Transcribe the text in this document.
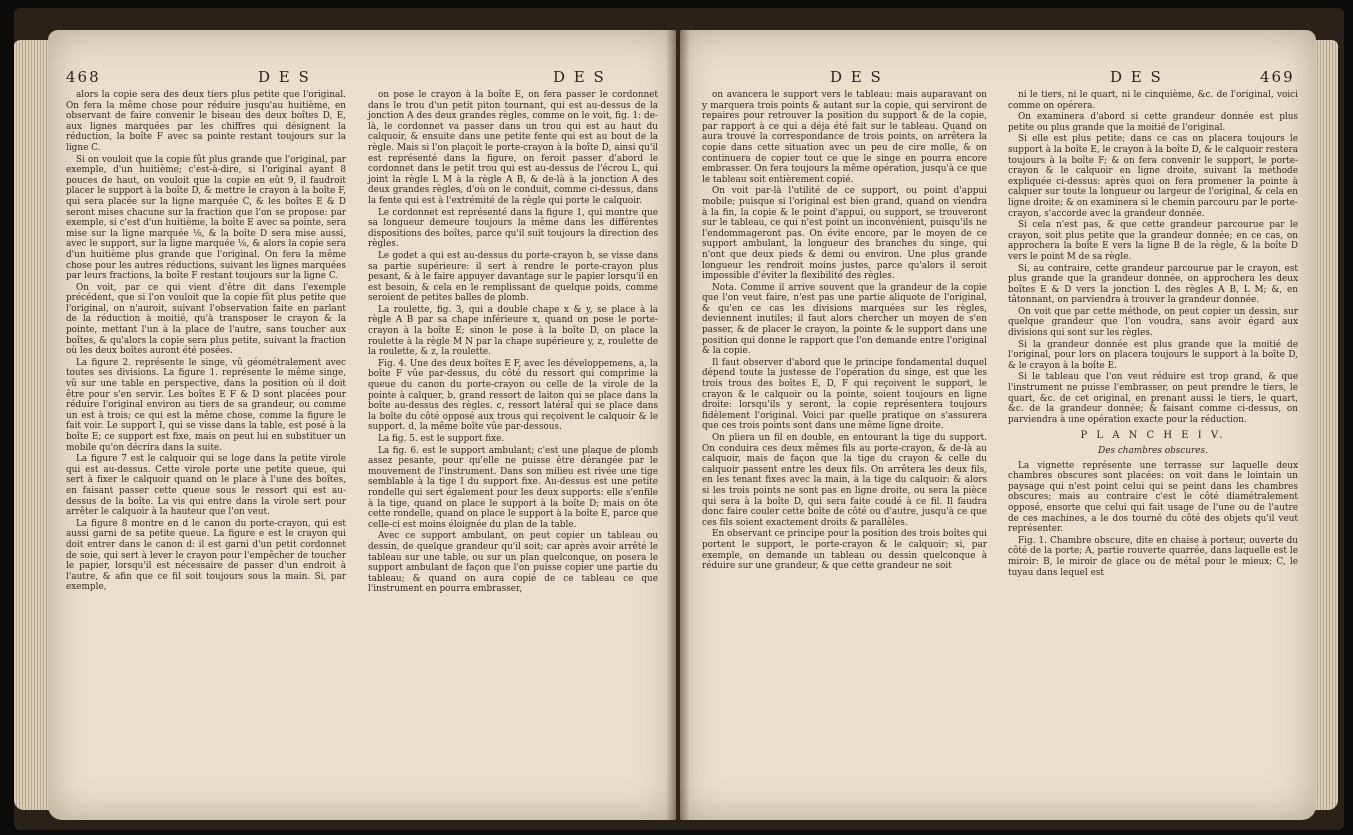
468	D E S	D E S

alors la copie sera des deux tiers plus petite que l'original. On fera la même chose pour réduire jusqu'au huitième, en observant de faire convenir le biseau des deux boîtes D, E, aux lignes marquées par les chiffres qui désignent la réduction, la boîte F avec sa pointe restant toujours sur la ligne C.

Si on vouloit que la copie fût plus grande que l'original, par exemple, d'un huitième; c'est-à-dire, si l'original ayant 8 pouces de haut, on vouloit que la copie en eût 9, il faudroit placer le support à la boîte D, & mettre le crayon à la boîte F, qui sera placée sur la ligne marquée C, & les boîtes E & D seront mises chacune sur la fraction que l'on se propose: par exemple, si c'est d'un huitième, la boîte E avec sa pointe, sera mise sur la ligne marquée ⅛, & la boîte D sera mise aussi, avec le support, sur la ligne marquée ⅛, & alors la copie sera d'un huitième plus grande que l'original. On fera la même chose pour les autres réductions, suivant les lignes marquées par leurs fractions, la boîte F restant toujours sur la ligne C.

On voit, par ce qui vient d'être dit dans l'exemple précédent, que si l'on vouloit que la copie fût plus petite que l'original, on n'auroit, suivant l'observation faite en parlant de la réduction à moitié, qu'à transposer le crayon & la pointe, mettant l'un à la place de l'autre, sans toucher aux boîtes, & qu'alors la copie sera plus petite, suivant la fraction où les deux boîtes auront été posées.

La figure 2. représente le singe, vû géométralement avec toutes ses divisions. La figure 1. représente le même singe, vû sur une table en perspective, dans la position où il doit être pour s'en servir. Les boîtes E F & D sont placées pour réduire l'original environ au tiers de sa grandeur, ou comme un est à trois; ce qui est la même chose, comme la figure le fait voir. Le support I, qui se visse dans la table, est posé à la boîte E; ce support est fixe, mais on peut lui en substituer un mobile qu'on décrira dans la suite.

La figure 7 est le calquoir qui se loge dans la petite virole qui est au-dessus. Cette virole porte une petite queue, qui sert à fixer le calquoir quand on le place à l'une des boîtes, en faisant passer cette queue sous le ressort qui est au-dessus de la boîte. La vis qui entre dans la virole sert pour arrêter le calquoir à la hauteur que l'on veut.

La figure 8 montre en d le canon du porte-crayon, qui est aussi garni de sa petite queue. La figure e est le crayon qui doit entrer dans le canon d: il est garni d'un petit cordonnet de soie, qui sert à lever le crayon pour l'empêcher de toucher le papier, lorsqu'il est nécessaire de passer d'un endroit à l'autre, & afin que ce fil soit toujours sous la main. Si, par exemple,

on pose le crayon à la boîte E, on fera passer le cordonnet dans le trou d'un petit piton tournant, qui est au-dessus de la jonction A des deux grandes règles, comme on le voit, fig. 1: de-là, le cordonnet va passer dans un trou qui est au haut du calquoir, & ensuite dans une petite fente qui est au bout de la règle. Mais si l'on plaçoit le porte-crayon à la boîte D, ainsi qu'il est représenté dans la figure, on feroit passer d'abord le cordonnet dans le petit trou qui est au-dessus de l'écrou L, qui joint la règle L M à la règle A B, & de-là à la jonction A des deux grandes règles, d'où on le conduit, comme ci-dessus, dans la fente qui est à l'extrémité de la règle qui porte le calquoir.

Le cordonnet est représenté dans la figure 1, qui montre que sa longueur demeure toujours la même dans les différentes dispositions des boîtes, parce qu'il suit toujours la direction des règles.

Le godet a qui est au-dessus du porte-crayon b, se visse dans sa partie supérieure: il sert à rendre le porte-crayon plus pesant, & à le faire appuyer davantage sur le papier lorsqu'il en est besoin, & cela en le remplissant de quelque poids, comme seroient de petites balles de plomb.

La roulette, fig. 3, qui a double chape x & y, se place à la règle A B par sa chape inférieure x, quand on pose le porte-crayon à la boîte E; sinon le pose à la boîte D, on place la roulette à la règle M N par la chape supérieure y, z, roulette de la roulette, & z, la roulette.

Fig. 4. Une des deux boîtes E F, avec les développemens, a, la boîte F vûe par-dessus, du côté du ressort qui comprime la queue du canon du porte-crayon ou celle de la virole de la pointe à calquer, b, grand ressort de laiton qui se place dans la boîte au-dessus des règles. c, ressort latéral qui se place dans la boîte du côté opposé aux trous qui reçoivent le calquoir & le support. d, la même boîte vûe par-dessous.

La fig. 5. est le support fixe.

La fig. 6. est le support ambulant; c'est une plaque de plomb assez pesante, pour qu'elle ne puisse être dérangée par le mouvement de l'instrument. Dans son milieu est rivée une tige semblable à la tige I du support fixe. Au-dessus est une petite rondelle qui sert également pour les deux supports: elle s'enfile à la tige, quand on place le support à la boîte D; mais on ôte cette rondelle, quand on place le support à la boîte E, parce que celle-ci est moins éloignée du plan de la table.

Avec ce support ambulant, on peut copier un tableau ou dessin, de quelque grandeur qu'il soit; car après avoir arrêté le tableau sur une table, ou sur un plan quelconque, on posera le support ambulant de façon que l'on puisse copier une partie du tableau; & quand on aura copié de ce tableau ce que l'instrument en pourra embrasser,

D E S	D E S	469

on avancera le support vers le tableau: mais auparavant on y marquera trois points & autant sur la copie, qui serviront de repaires pour retrouver la position du support & de la copie, par rapport à ce qui a déja été fait sur le tableau. Quand on aura trouvé la correspondance de trois points, on arrêtera la copie dans cette situation avec un peu de cire molle, & on continuera de copier tout ce que le singe en pourra encore embrasser. On fera toujours la même opération, jusqu'à ce que le tableau soit entièrement copié.

On voit par-là l'utilité de ce support, ou point d'appui mobile; puisque si l'original est bien grand, quand on viendra à la fin, la copie & le point d'appui, ou support, se trouveront sur le tableau, ce qui n'est point un inconvénient, puisqu'ils ne l'endommageront pas. On évite encore, par le moyen de ce support ambulant, la longueur des branches du singe, qui n'ont que deux pieds & demi ou environ. Une plus grande longueur les rendroit moins justes, parce qu'alors il seroit impossible d'éviter la flexibilité des règles.

Nota. Comme il arrive souvent que la grandeur de la copie que l'on veut faire, n'est pas une partie aliquote de l'original, & qu'en ce cas les divisions marquées sur les règles, deviennent inutiles; il faut alors chercher un moyen de s'en passer, & de placer le crayon, la pointe & le support dans une position qui donne le rapport que l'on demande entre l'original & la copie.

Il faut observer d'abord que le principe fondamental duquel dépend toute la justesse de l'opération du singe, est que les trois trous des boîtes E, D, F qui reçoivent le support, le crayon & le calquoir ou la pointe, soient toujours en ligne droite: lorsqu'ils y seront, la copie représentera toujours fidèlement l'original. Voici par quelle pratique on s'assurera que ces trois points sont dans une même ligne droite.

On pliera un fil en double, en entourant la tige du support. On conduira ces deux mêmes fils au porte-crayon, & de-là au calquoir, mais de façon que la tige du crayon & celle du calquoir passent entre les deux fils. On arrêtera les deux fils, en les tenant fixes avec la main, à la tige du calquoir: & alors si les trois points ne sont pas en ligne droite, ou sera la pièce qui sera à la boîte D, qui sera faite coudé à ce fil. Il faudra donc faire couler cette boîte de côté ou d'autre, jusqu'à ce que ces fils soient exactement droits & parallèles.

En observant ce principe pour la position des trois boîtes qui portent le support, le porte-crayon & le calquoir; si, par exemple, on demande un tableau ou dessin quelconque à réduire sur une grandeur, & que cette grandeur ne soit

ni le tiers, ni le quart, ni le cinquième, &c. de l'original, voici comme on opérera.

On examinera d'abord si cette grandeur donnée est plus petite ou plus grande que la moitié de l'original.

Si elle est plus petite; dans ce cas on placera toujours le support à la boîte E, le crayon à la boîte D, & le calquoir restera toujours à la boîte F; & on fera convenir le support, le porte-crayon & le calquoir en ligne droite, suivant la méthode expliquée ci-dessus: après quoi on fera promener la pointe à calquer sur toute la longueur ou largeur de l'original, & cela en ligne droite; & on examinera si le chemin parcouru par le porte-crayon, s'accorde avec la grandeur donnée.

Si cela n'est pas, & que cette grandeur parcourue par le crayon, soit plus petite que la grandeur donnée; en ce cas, on approchera la boîte E vers la ligne B de la règle, & la boîte D vers le point M de sa règle.

Si, au contraire, cette grandeur parcourue par le crayon, est plus grande que la grandeur donnée, on approchera les deux boîtes E & D vers la jonction L des règles A B, L M; &, en tâtonnant, on parviendra à trouver la grandeur donnée.

On voit que par cette méthode, on peut copier un dessin, sur quelque grandeur que l'on voudra, sans avoir égard aux divisions qui sont sur les règles.

Si la grandeur donnée est plus grande que la moitié de l'original, pour lors on placera toujours le support à la boîte D, & le crayon à la boîte E.

Si le tableau que l'on veut réduire est trop grand, & que l'instrument ne puisse l'embrasser, on peut prendre le tiers, le quart, &c. de cet original, en prenant aussi le tiers, le quart, &c. de la grandeur donnée; & faisant comme ci-dessus, on parviendra à une opération exacte pour la réduction.

P L A N C H E I V.

Des chambres obscures.

La vignette représente une terrasse sur laquelle deux chambres obscures sont placées: on voit dans le lointain un paysage qui n'est point celui qui se peint dans les chambres obscures; mais au contraire c'est le côté diamétralement opposé, ensorte que celui qui fait usage de l'une ou de l'autre de ces machines, a le dos tourné du côté des objets qu'il veut représenter.

Fig. 1. Chambre obscure, dite en chaise à porteur, ouverte du côté de la porte; A, partie rouverte quarrée, dans laquelle est le miroir: B, le miroir de glace ou de métal pour le mieux; C, le tuyau dans lequel est
